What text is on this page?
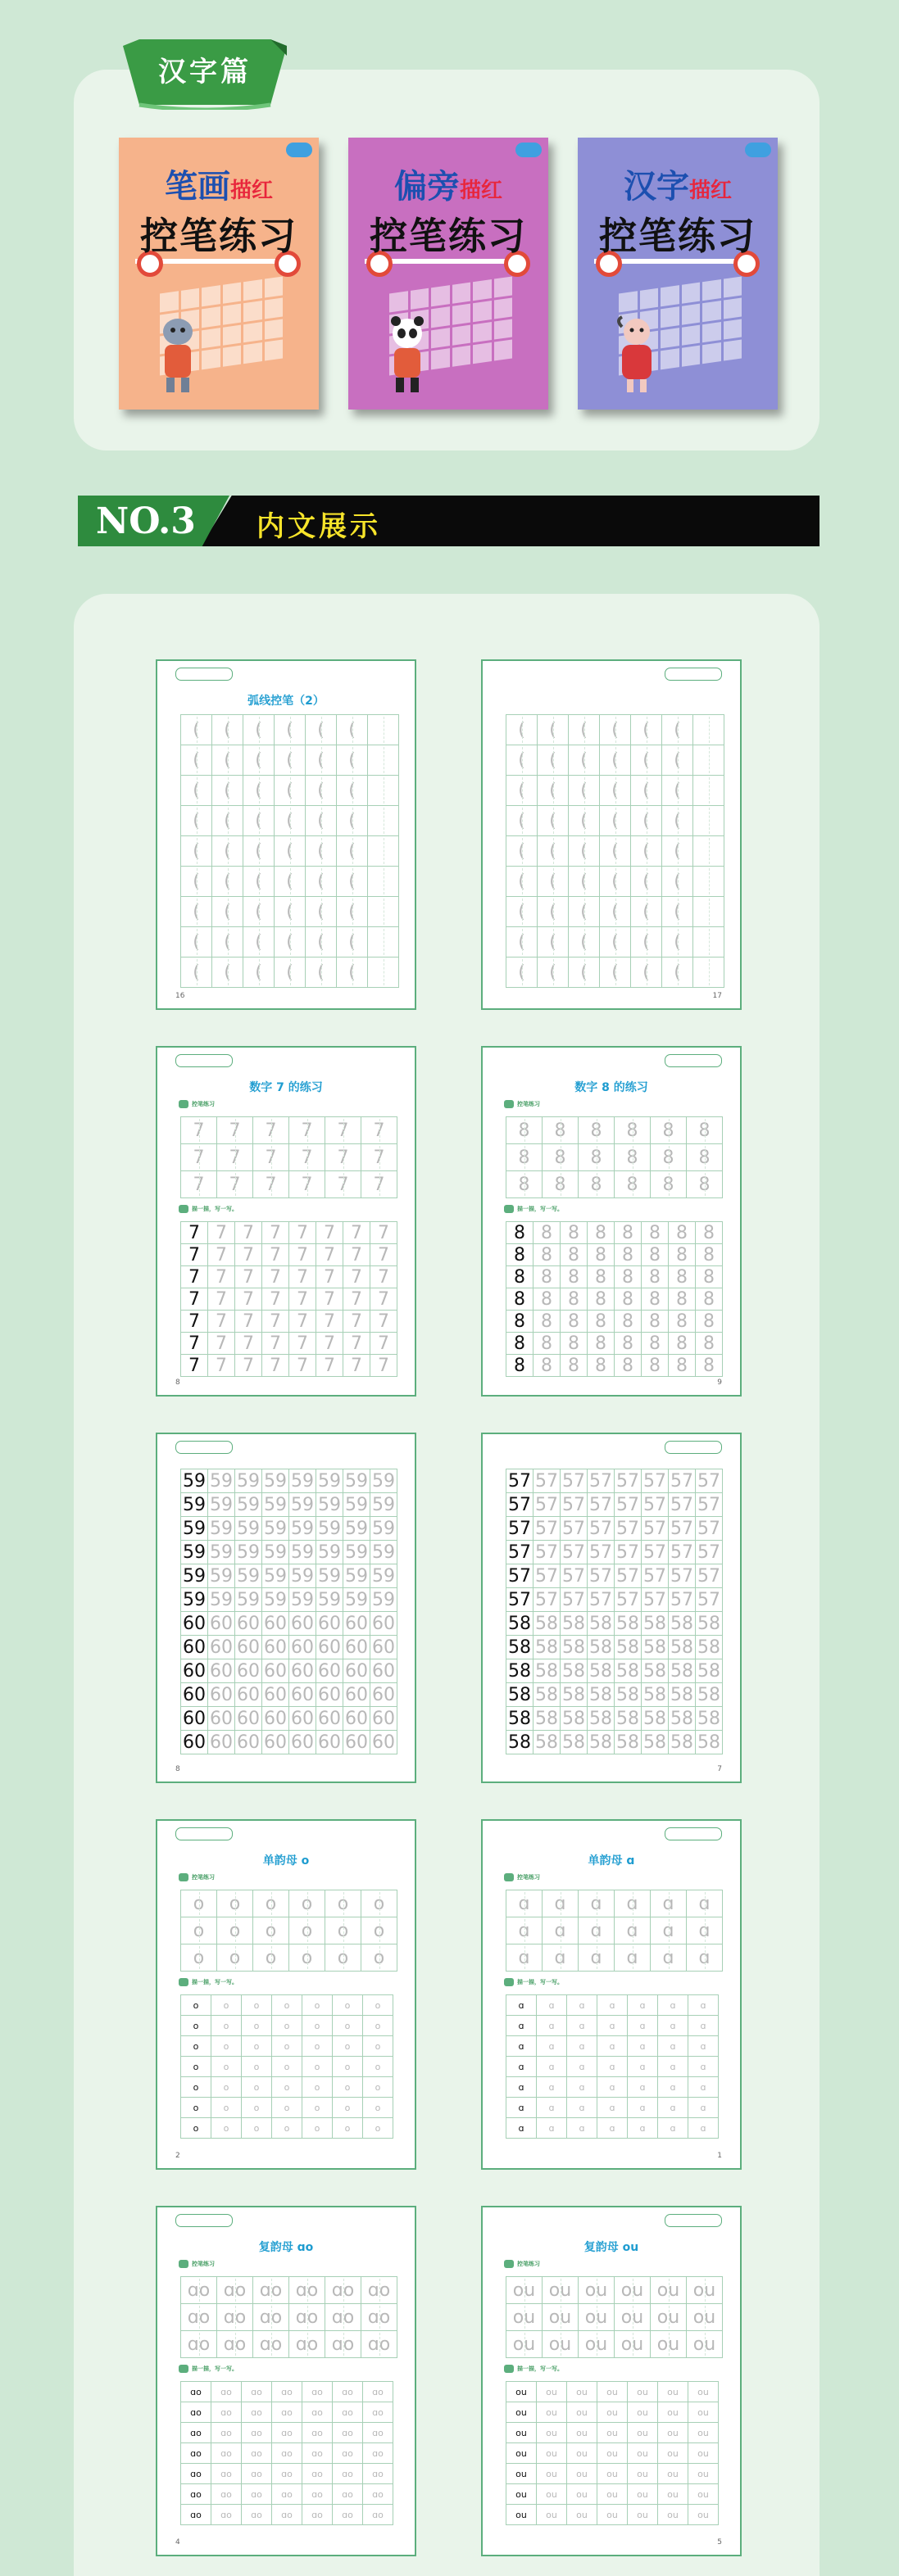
汉字篇
笔画描红
控笔练习
偏旁描红
控笔练习
汉字描红
控笔练习
NO.3 内文展示
弧线控笔（2）
16
(	(	(	(	(	(
(	(	(	(	(	(
(	(	(	(	(	(
(	(	(	(	(	(
(	(	(	(	(	(
(	(	(	(	(	(
(	(	(	(	(	(
(	(	(	(	(	(
(	(	(	(	(	(
17
(	(	(	(	(	(
(	(	(	(	(	(
(	(	(	(	(	(
(	(	(	(	(	(
(	(	(	(	(	(
(	(	(	(	(	(
(	(	(	(	(	(
(	(	(	(	(	(
(	(	(	(	(	(
数字 7 的练习
8
控笔练习
7	7	7	7	7	7
7	7	7	7	7	7
7	7	7	7	7	7
描一描，写一写。
7 7 7 7 7 7 7 7
7 7 7 7 7 7 7 7
7 7 7 7 7 7 7 7
7 7 7 7 7 7 7 7
7 7 7 7 7 7 7 7
7 7 7 7 7 7 7 7
7 7 7 7 7 7 7 7
数字 8 的练习
9
控笔练习
8	8	8	8	8	8
8	8	8	8	8	8
8	8	8	8	8	8
描一描，写一写。
8 8 8 8 8 8 8 8
8 8 8 8 8 8 8 8
8 8 8 8 8 8 8 8
8 8 8 8 8 8 8 8
8 8 8 8 8 8 8 8
8 8 8 8 8 8 8 8
8 8 8 8 8 8 8 8
8
59 59 59 59 59 59 59 59
59 59 59 59 59 59 59 59
59 59 59 59 59 59 59 59
59 59 59 59 59 59 59 59
59 59 59 59 59 59 59 59
59 59 59 59 59 59 59 59
60 60 60 60 60 60 60 60
60 60 60 60 60 60 60 60
60 60 60 60 60 60 60 60
60 60 60 60 60 60 60 60
60 60 60 60 60 60 60 60
60 60 60 60 60 60 60 60
7
57 57 57 57 57 57 57 57
57 57 57 57 57 57 57 57
57 57 57 57 57 57 57 57
57 57 57 57 57 57 57 57
57 57 57 57 57 57 57 57
57 57 57 57 57 57 57 57
58 58 58 58 58 58 58 58
58 58 58 58 58 58 58 58
58 58 58 58 58 58 58 58
58 58 58 58 58 58 58 58
58 58 58 58 58 58 58 58
58 58 58 58 58 58 58 58
单韵母 o
2
控笔练习
o	o	o	o	o	o
o	o	o	o	o	o
o	o	o	o	o	o
描一描，写一写。
o	o	o	o	o	o	o
o	o	o	o	o	o	o
o	o	o	o	o	o	o
o	o	o	o	o	o	o
o	o	o	o	o	o	o
o	o	o	o	o	o	o
o	o	o	o	o	o	o
单韵母 ɑ
1
控笔练习
ɑ	ɑ	ɑ	ɑ	ɑ	ɑ
ɑ	ɑ	ɑ	ɑ	ɑ	ɑ
ɑ	ɑ	ɑ	ɑ	ɑ	ɑ
描一描，写一写。
ɑ	ɑ	ɑ	ɑ	ɑ	ɑ	ɑ
ɑ	ɑ	ɑ	ɑ	ɑ	ɑ	ɑ
ɑ	ɑ	ɑ	ɑ	ɑ	ɑ	ɑ
ɑ	ɑ	ɑ	ɑ	ɑ	ɑ	ɑ
ɑ	ɑ	ɑ	ɑ	ɑ	ɑ	ɑ
ɑ	ɑ	ɑ	ɑ	ɑ	ɑ	ɑ
ɑ	ɑ	ɑ	ɑ	ɑ	ɑ	ɑ
复韵母 ɑo
4
控笔练习
ɑo ɑo ɑo ɑo ɑo ɑo
ɑo ɑo ɑo ɑo ɑo ɑo
ɑo ɑo ɑo ɑo ɑo ɑo
描一描，写一写。
ɑo	ɑo	ɑo	ɑo	ɑo	ɑo	ɑo
ɑo	ɑo	ɑo	ɑo	ɑo	ɑo	ɑo
ɑo	ɑo	ɑo	ɑo	ɑo	ɑo	ɑo
ɑo	ɑo	ɑo	ɑo	ɑo	ɑo	ɑo
ɑo	ɑo	ɑo	ɑo	ɑo	ɑo	ɑo
ɑo	ɑo	ɑo	ɑo	ɑo	ɑo	ɑo
ɑo	ɑo	ɑo	ɑo	ɑo	ɑo	ɑo
复韵母 ou
5
控笔练习
ou ou ou ou ou ou
ou ou ou ou ou ou
ou ou ou ou ou ou
描一描，写一写。
ou	ou	ou	ou	ou	ou	ou
ou	ou	ou	ou	ou	ou	ou
ou	ou	ou	ou	ou	ou	ou
ou	ou	ou	ou	ou	ou	ou
ou	ou	ou	ou	ou	ou	ou
ou	ou	ou	ou	ou	ou	ou
ou	ou	ou	ou	ou	ou	ou
